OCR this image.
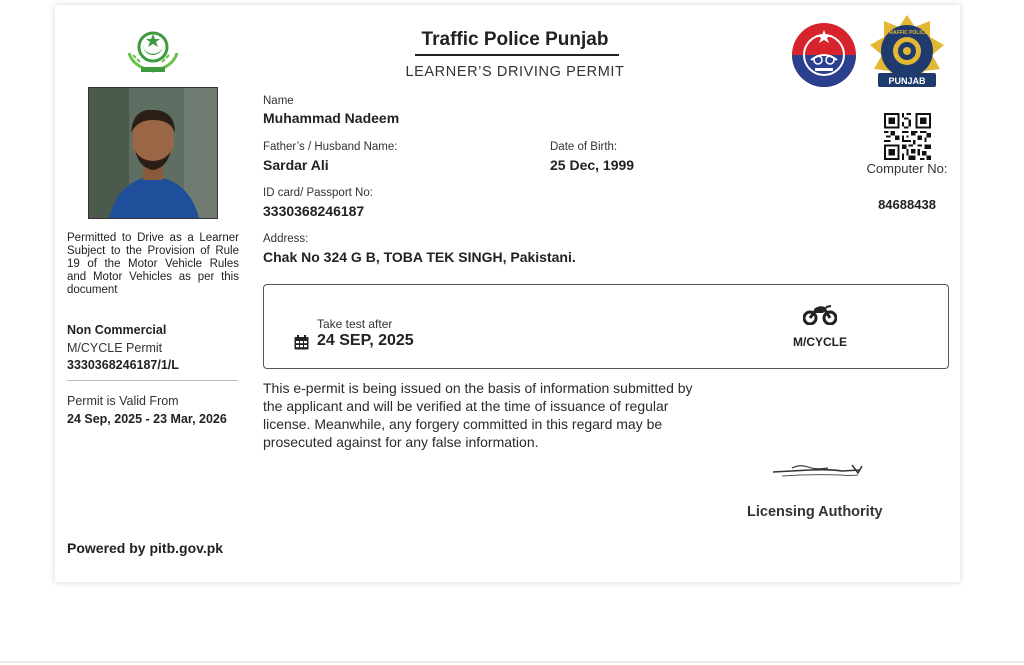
Permitted to Drive as a Learner Subject to the Provision of Rule 19 of the Motor Vehicle Rules and Motor Vehicles as per this document
Non Commercial
M/CYCLE Permit
3330368246187/1/L
Permit is Valid From
24 Sep, 2025 - 23 Mar, 2026
Powered by pitb.gov.pk
Traffic Police Punjab
LEARNER’S DRIVING PERMIT
PUNJAB
TRAFFIC POLICE
Name
Muhammad Nadeem
Father’s / Husband Name:
Sardar Ali
Date of Birth:
25 Dec, 1999
ID card/ Passport No:
3330368246187
Address:
Chak No 324 G B, TOBA TEK SINGH, Pakistani.
Take test after
24 SEP, 2025	M/CYCLE
This e-permit is being issued on the basis of information submitted by the applicant and will be verified at the time of issuance of regular license. Meanwhile, any forgery committed in this regard may be prosecuted against for any false information.
Computer No:
84688438
Licensing Authority
